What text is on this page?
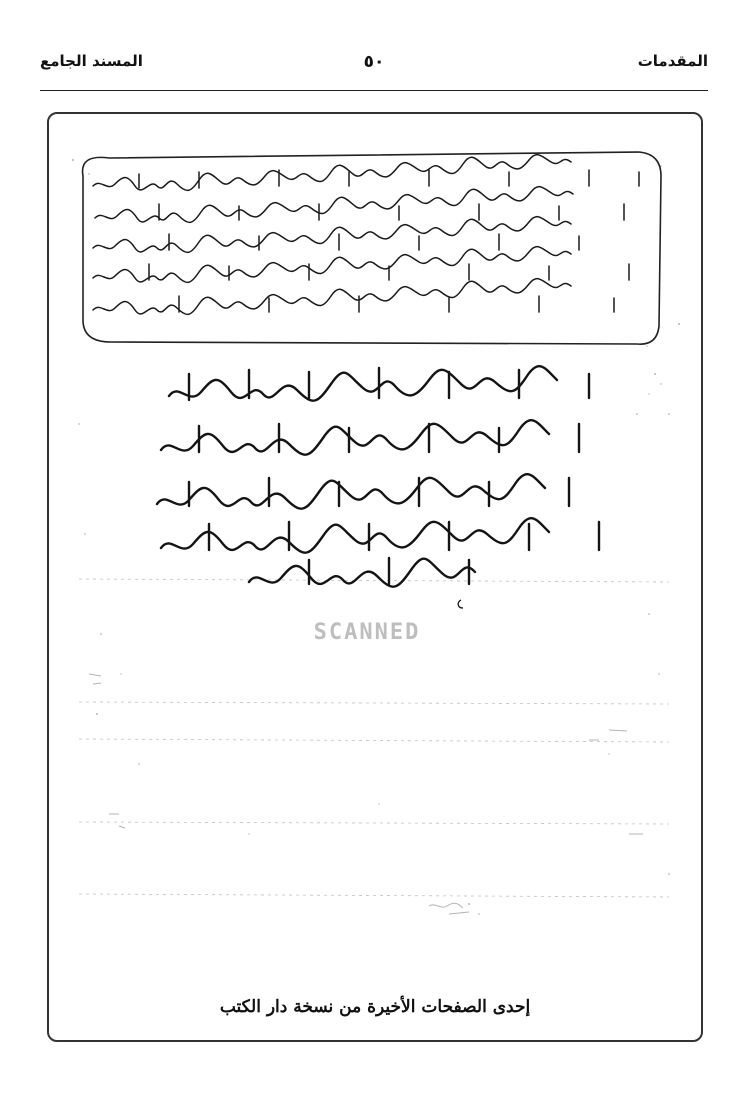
المسند الجامع	٥٠	المقدمات
SCANNED
إحدى الصفحات الأخيرة من نسخة دار الكتب
